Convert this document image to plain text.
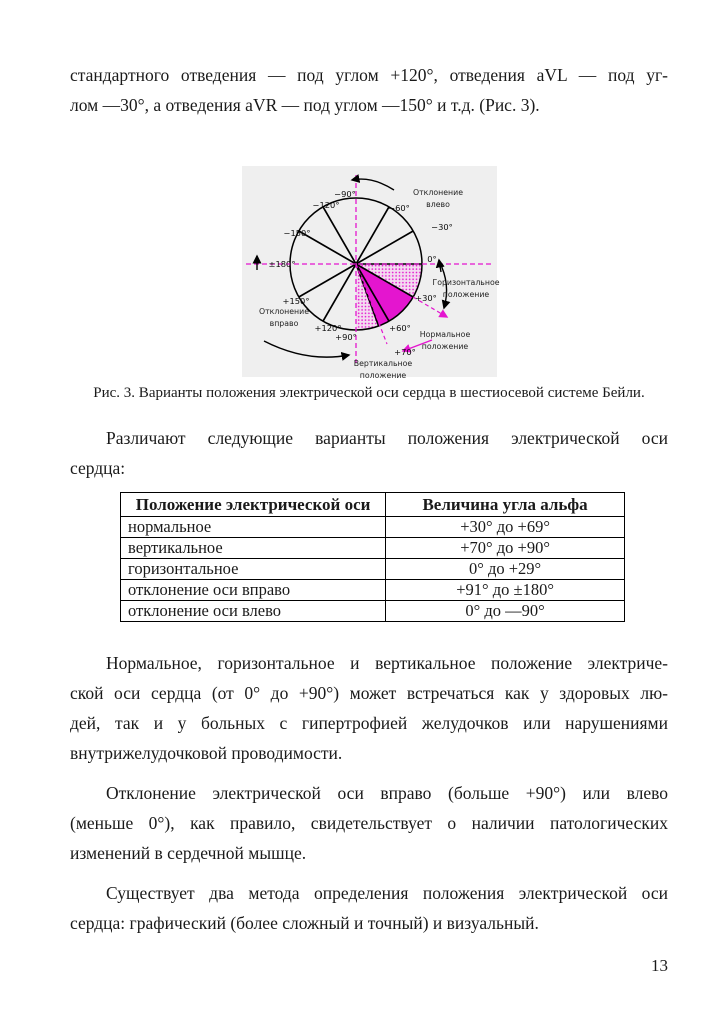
стандартного отведения — под углом +120°, отведения aVL — под уг-
лом —30°, а отведения aVR — под углом —150° и т.д. (Рис. 3).
−90°
−120°
−150°
±180°
+150°
+120°
+90°
+60°
+30°
0°
−30°
−60°
+70°
Отклонение
влево
Горизонтальное
положение
Нормальное
положение
Вертикальное
положение
Отклонение
вправо
Рис. 3. Варианты положения электрической оси сердца в шестиосевой системе Бейли.
Различают следующие варианты положения электрической оси
сердца:
Положение электрической оси	Величина угла альфа
нормальное	+30° до +69°
вертикальное	+70° до +90°
горизонтальное	0° до +29°
отклонение оси вправо	+91° до ±180°
отклонение оси влево	0° до —90°
Нормальное, горизонтальное и вертикальное положение электриче-
ской оси сердца (от 0° до +90°) может встречаться как у здоровых лю-
дей, так и у больных с гипертрофией желудочков или нарушениями
внутрижелудочковой проводимости.
Отклонение электрической оси вправо (больше +90°) или влево
(меньше 0°), как правило, свидетельствует о наличии патологических
изменений в сердечной мышце.
Существует два метода определения положения электрической оси
сердца: графический (более сложный и точный) и визуальный.
13
